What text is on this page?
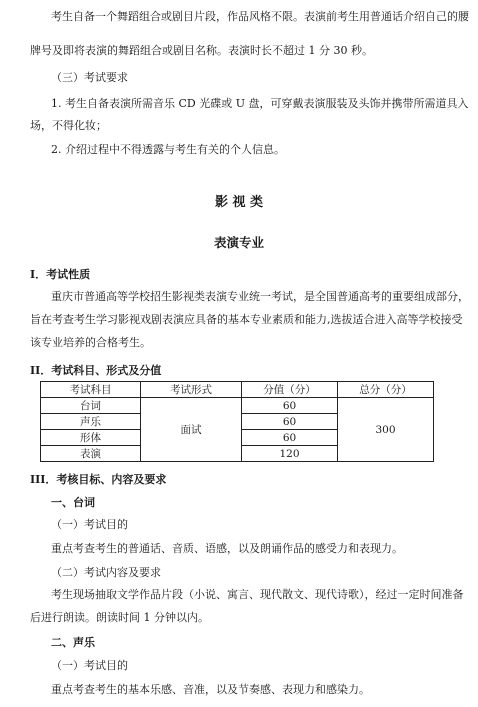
考生自备一个舞蹈组合或剧目片段，作品风格不限。表演前考生用普通话介绍自己的腰
牌号及即将表演的舞蹈组合或剧目名称。表演时长不超过 1 分 30 秒。
（三）考试要求
1. 考生自备表演所需音乐 CD 光碟或 U 盘，可穿戴表演服装及头饰并携带所需道具入
场，不得化妆；
2. 介绍过程中不得透露与考生有关的个人信息。
影 视 类
表演专业
I．考试性质
重庆市普通高等学校招生影视类表演专业统一考试，是全国普通高考的重要组成部分，
旨在考查考生学习影视戏剧表演应具备的基本专业素质和能力,选拔适合进入高等学校接受
该专业培养的合格考生。
II．考试科目、形式及分值
考试科目	考试形式	分值（分）	总分（分）
台词	面试	60	300
声乐		60	
形体		60	
表演		120	
III．考核目标、内容及要求
一、台词
（一）考试目的
重点考查考生的普通话、音质、语感，以及朗诵作品的感受力和表现力。
（二）考试内容及要求
考生现场抽取文学作品片段（小说、寓言、现代散文、现代诗歌），经过一定时间准备
后进行朗读。朗读时间 1 分钟以内。
二、声乐
（一）考试目的
重点考查考生的基本乐感、音准，以及节奏感、表现力和感染力。
